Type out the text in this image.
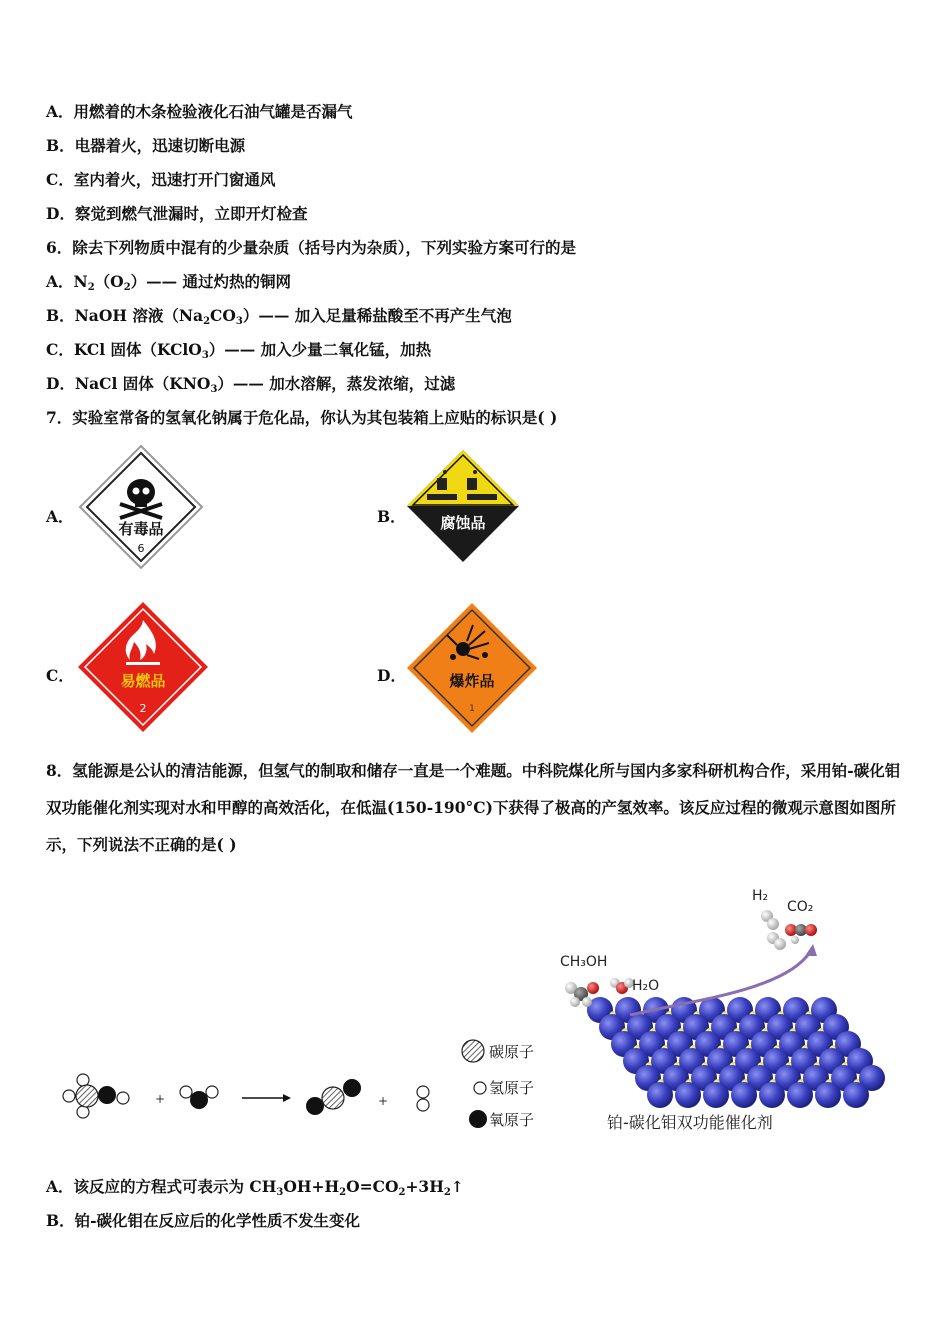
A．用燃着的木条检验液化石油气罐是否漏气
B．电器着火，迅速切断电源
C．室内着火，迅速打开门窗通风
D．察觉到燃气泄漏时，立即开灯检查
6．除去下列物质中混有的少量杂质（括号内为杂质），下列实验方案可行的是
A．$N_2(O_2)——$ 通过灼热的铜网
B．NaOH 溶液$(Na_2CO_3)——$ 加入足量稀盐酸至不再产生气泡
C．KCl 固体（KClO$_3$）—— 加入少量二氧化锰，加热
D．NaCl 固体$(KNO_3)——$ 加水溶解，蒸发浓缩，过滤
7．实验室常备的氢氧化钠属于危化品，你认为其包装箱上应贴的标识是( )
A．
有毒品
6
B． 腐蚀品
C．	易燃品
2
D．	爆炸品
1
8．氢能源是公认的清洁能源，但氢气的制取和储存一直是一个难题。中科院煤化所与国内多家科研机构合作，采用铂-碳化钼双功能催化剂实现对水和甲醇的高效活化，在低温(150-190°C)下获得了极高的产氢效率。该反应过程的微观示意图如图所示，下列说法不正确的是( )
+	+
碳原子
氢原子
氧原子
H₂
CO₂
CH₃OH
H₂O
铂-碳化钼双功能催化剂
A．该反应的方程式可表示为 $CH_3OH+H_2O=CO_2+3H_2↑$
B．铂-碳化钼在反应后的化学性质不发生变化
